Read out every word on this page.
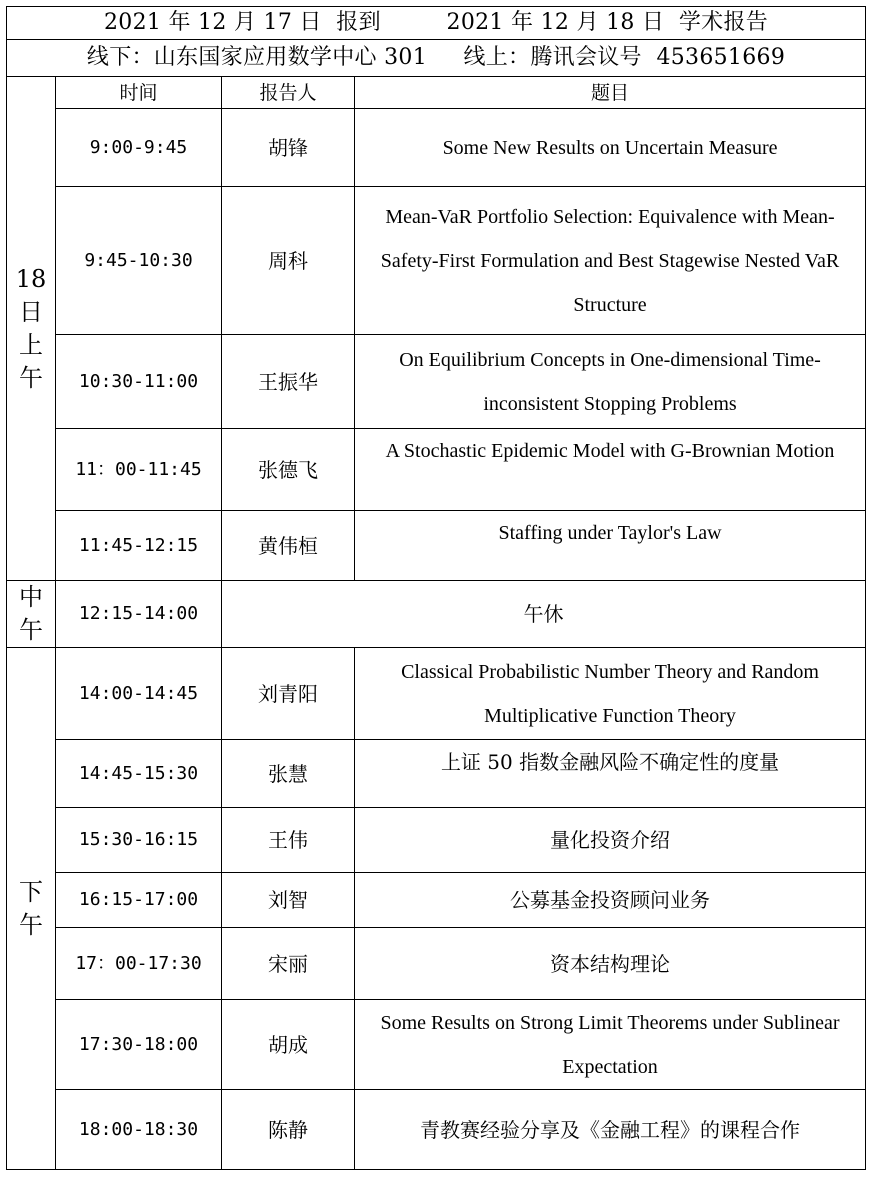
2021 年 12 月 17 日  报到         2021 年 12 月 18 日  学术报告			
线下：山东国家应用数学中心 301     线上：腾讯会议号  453651669			

18
日
上
午	时间	报告人	题目
	9:00-9:45	胡锋	Some New Results on Uncertain Measure
	9:45-10:30	周科	Mean-VaR Portfolio Selection: Equivalence with Mean-Safety-First Formulation and Best Stagewise Nested VaR Structure
	10:30-11:00	王振华	On Equilibrium Concepts in One-dimensional Time-inconsistent Stopping Problems
	11：00-11:45	张德飞	A Stochastic Epidemic Model with G-Brownian Motion
	11:45-12:15	黄伟桓	Staffing under Taylor's Law

中
午	12:15-14:00	午休	

下
午	14:00-14:45	刘青阳	Classical Probabilistic Number Theory and Random Multiplicative Function Theory
	14:45-15:30	张慧	上证 50 指数金融风险不确定性的度量
	15:30-16:15	王伟	量化投资介绍
	16:15-17:00	刘智	公募基金投资顾问业务
	17：00-17:30	宋丽	资本结构理论
	17:30-18:00	胡成	Some Results on Strong Limit Theorems under Sublinear Expectation
	18:00-18:30	陈静	青教赛经验分享及《金融工程》的课程合作
